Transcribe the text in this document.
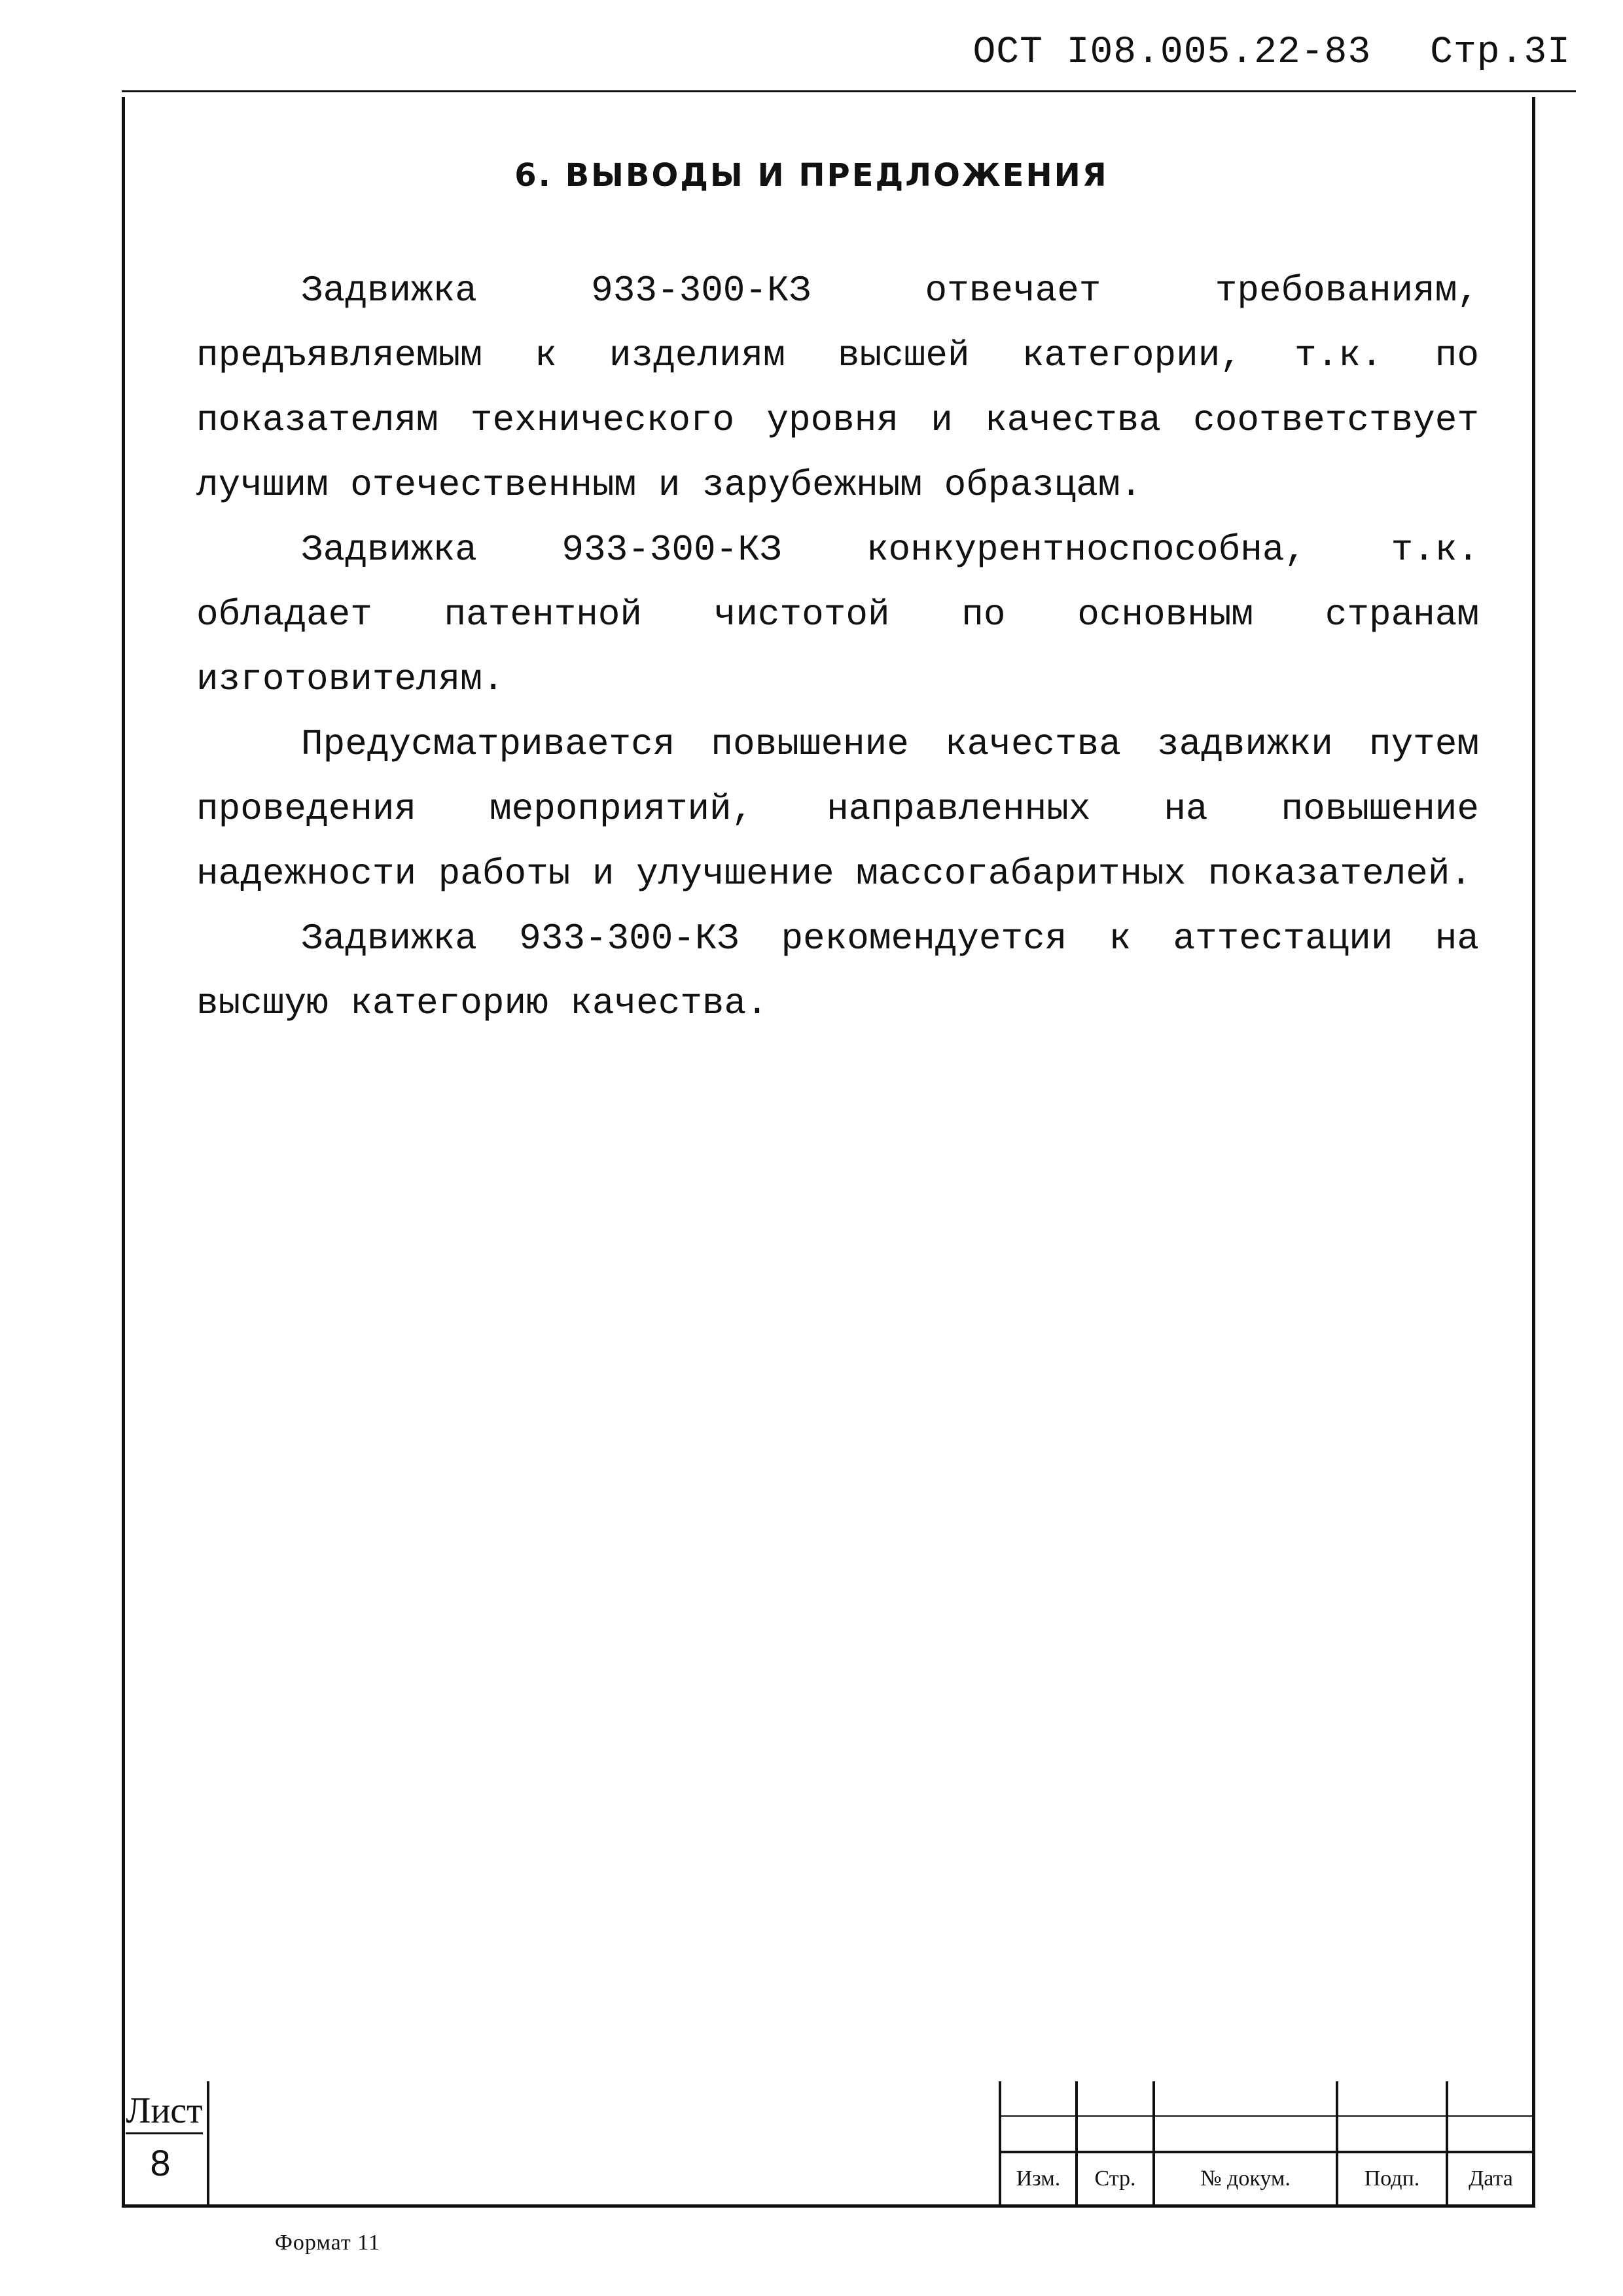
ОСТ I08.005.22-83 Стр.3I
6. ВЫВОДЫ И ПРЕДЛОЖЕНИЯ

Задвижка 933-300-КЗ отвечает требованиям, предъявляемым к изделиям высшей категории, т.к. по показателям технического уровня и качества соответствует лучшим отечественным и зарубежным образцам.

Задвижка 933-300-КЗ конкурентноспособна, т.к. обладает патентной чистотой по основным странам изготовителям.

Предусматривается повышение качества задвижки путем проведения мероприятий, направленных на повышение надежности работы и улучшение массогабаритных показателей.

Задвижка 933-300-КЗ рекомендуется к аттестации на высшую категорию качества.

Лист
8

					Изм.	Стр.	№ докум.	Подп.	Дата
Формат 11
